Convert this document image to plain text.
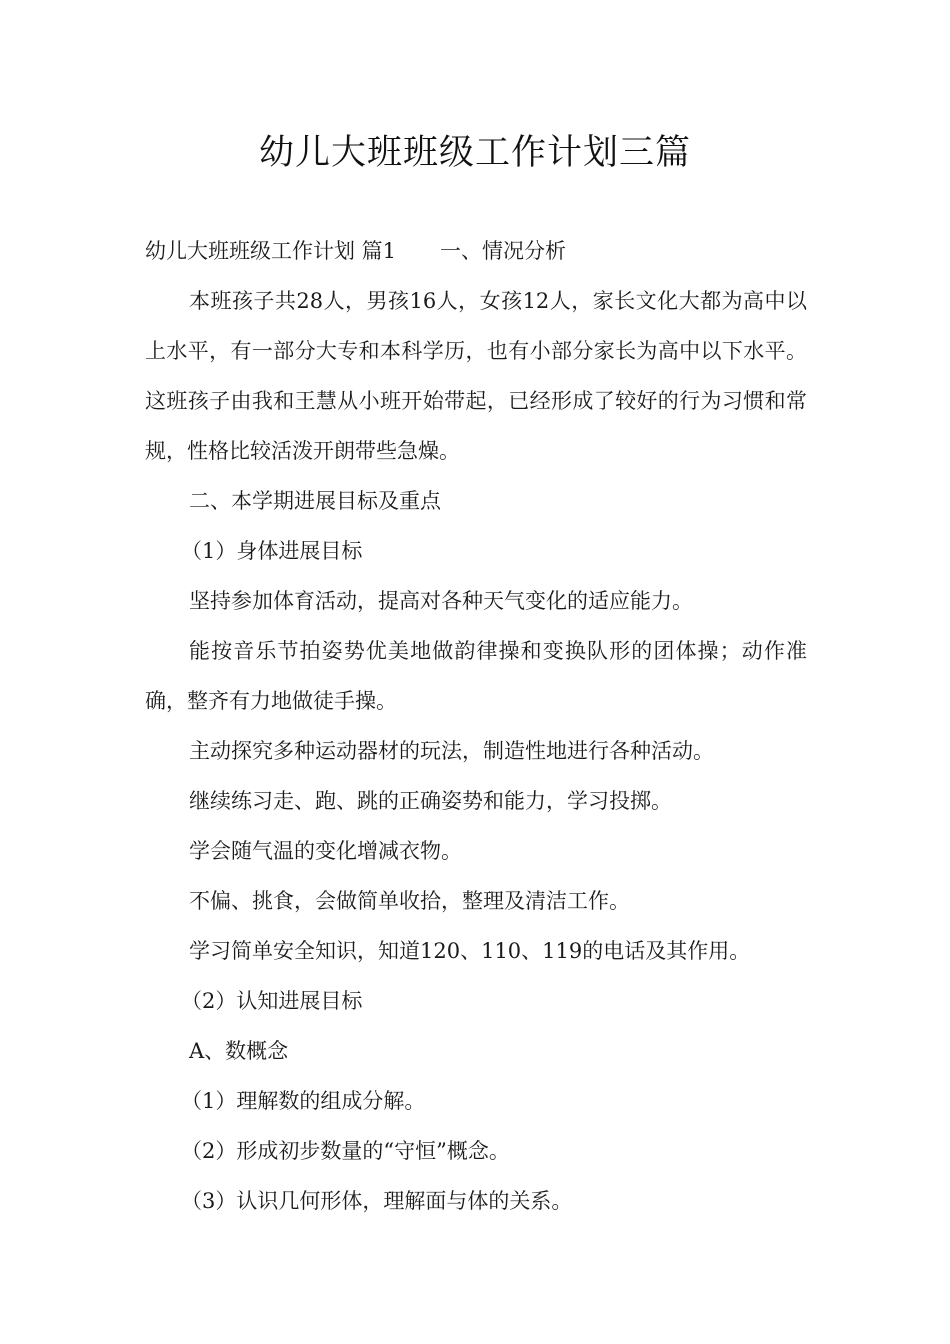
幼儿大班班级工作计划三篇

幼儿大班班级工作计划 篇1 一、情况分析

本班孩子共28人，男孩16人，女孩12人，家长文化大都为高中以上水平，有一部分大专和本科学历，也有小部分家长为高中以下水平。这班孩子由我和王慧从小班开始带起，已经形成了较好的行为习惯和常规，性格比较活泼开朗带些急燥。

二、本学期进展目标及重点

（1）身体进展目标

坚持参加体育活动，提高对各种天气变化的适应能力。

能按音乐节拍姿势优美地做韵律操和变换队形的团体操；动作准确，整齐有力地做徒手操。

主动探究多种运动器材的玩法，制造性地进行各种活动。

继续练习走、跑、跳的正确姿势和能力，学习投掷。

学会随气温的变化增减衣物。

不偏、挑食，会做简单收拾，整理及清洁工作。

学习简单安全知识，知道120、110、119的电话及其作用。

（2）认知进展目标

A、数概念

（1）理解数的组成分解。

（2）形成初步数量的“守恒”概念。

（3）认识几何形体，理解面与体的关系。
